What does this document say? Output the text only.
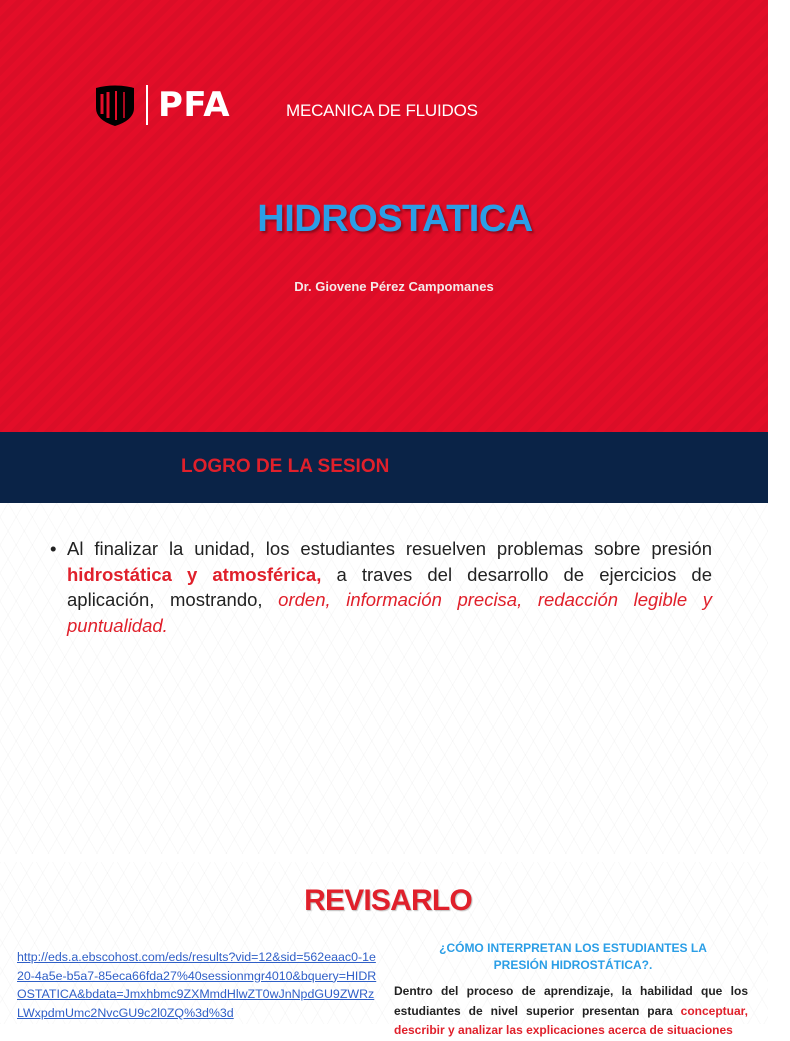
PFA	MECANICA DE FLUIDOS
HIDROSTATICA
Dr. Giovene Pérez Campomanes
LOGRO DE LA SESION
• Al finalizar la unidad, los estudiantes resuelven problemas sobre presión hidrostática y atmosférica, a traves del desarrollo de ejercicios de aplicación, mostrando, orden, información precisa, redacción legible y puntualidad.
REVISARLO
http://eds.a.ebscohost.com/eds/results?vid=12&sid=562eaac0-1e20-4a5e-b5a7-85eca66fda27%40sessionmgr4010&bquery=HIDROSTATICA&bdata=Jmxhbmc9ZXMmdHlwZT0wJnNpdGU9ZWRzLWxpdmUmc2NvcGU9c2l0ZQ%3d%3d
¿CÓMO INTERPRETAN LOS ESTUDIANTES LA PRESIÓN HIDROSTÁTICA?.
Dentro del proceso de aprendizaje, la habilidad que los estudiantes de nivel superior presentan para conceptuar, describir y analizar las explicaciones acerca de situaciones
